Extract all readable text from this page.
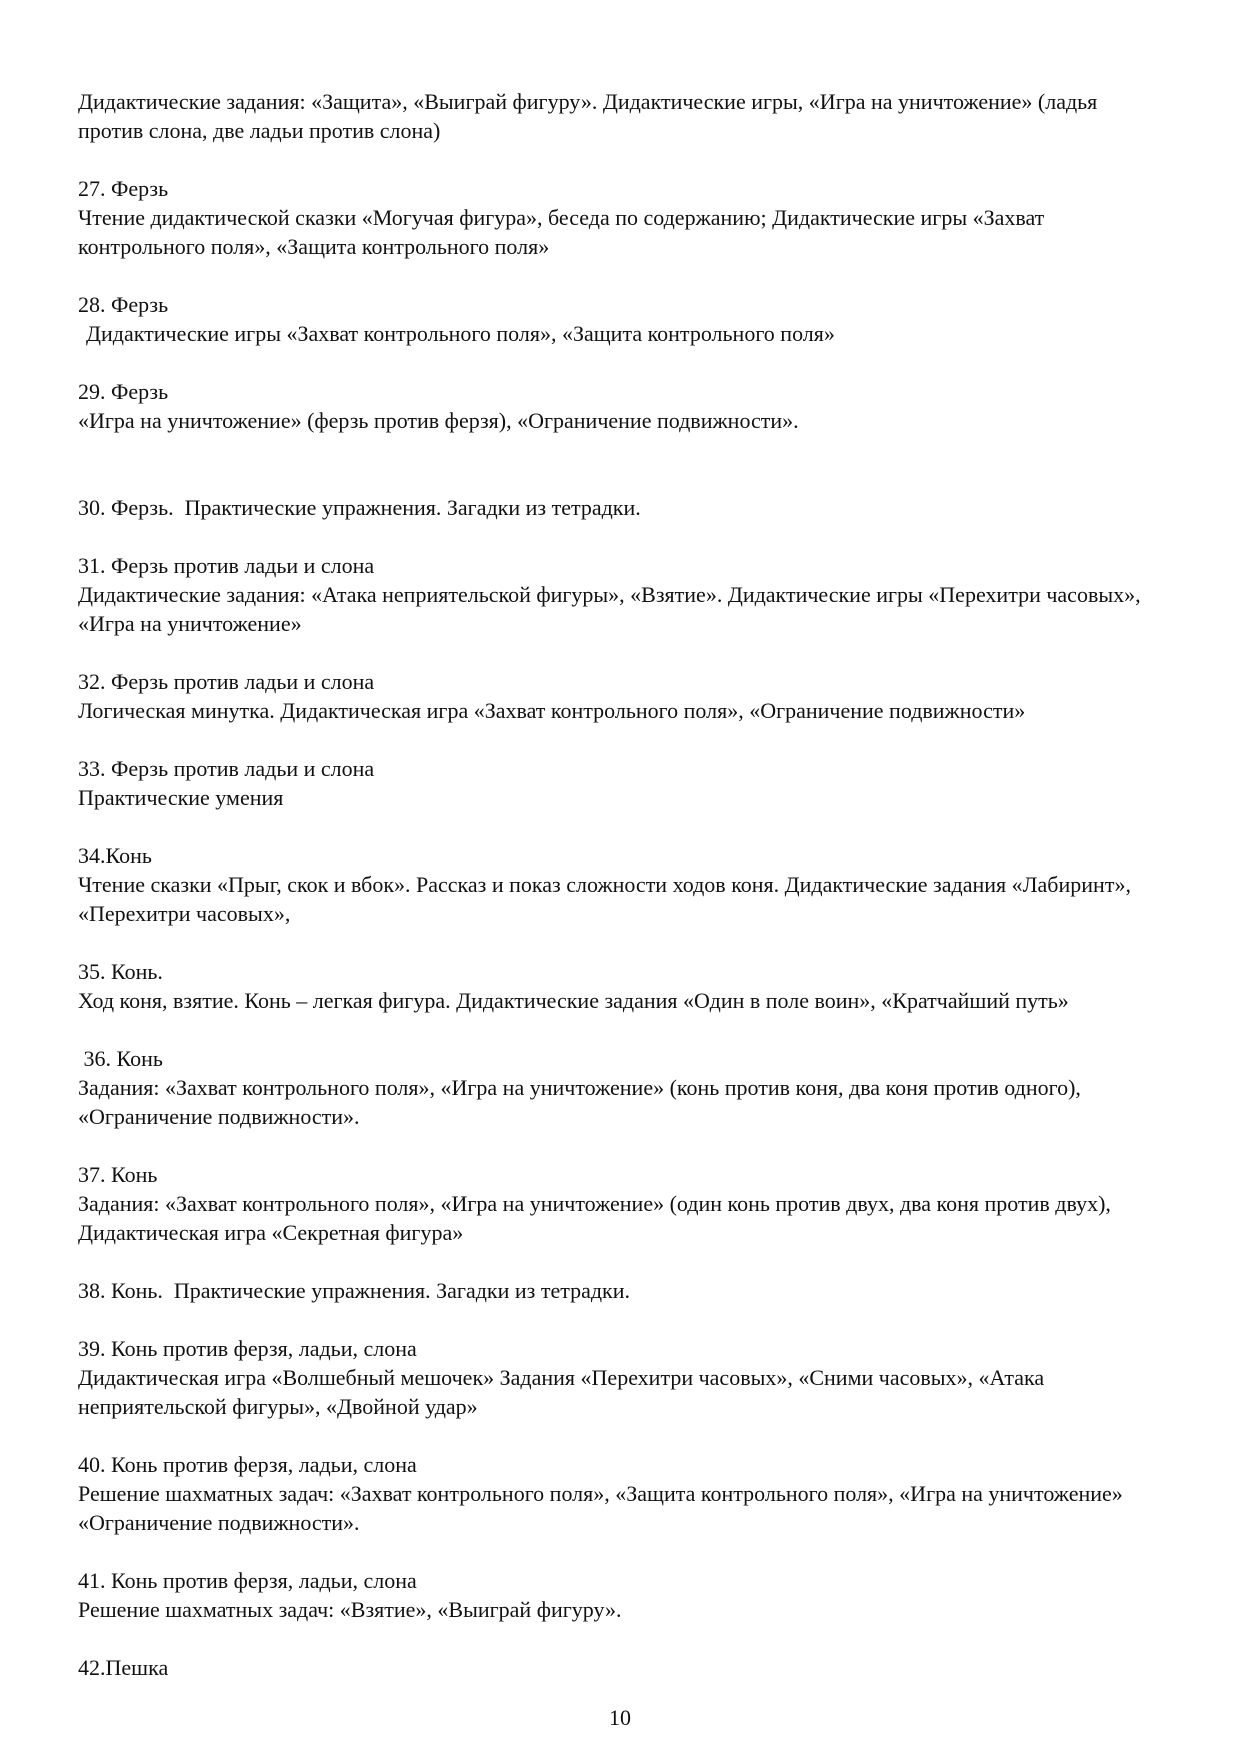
Дидактические задания: «Защита», «Выиграй фигуру». Дидактические игры, «Игра на уничтожение» (ладья против слона, две ладьи против слона)
27. Ферзь
Чтение дидактической сказки «Могучая фигура», беседа по содержанию; Дидактические игры «Захват контрольного поля», «Защита контрольного поля»
28. Ферзь
Дидактические игры «Захват контрольного поля», «Защита контрольного поля»
29. Ферзь
«Игра на уничтожение» (ферзь против ферзя), «Ограничение подвижности».
30. Ферзь.  Практические упражнения. Загадки из тетрадки.
31. Ферзь против ладьи и слона
Дидактические задания: «Атака неприятельской фигуры», «Взятие». Дидактические игры «Перехитри часовых», «Игра на уничтожение»
32. Ферзь против ладьи и слона
Логическая минутка. Дидактическая игра «Захват контрольного поля», «Ограничение подвижности»
33. Ферзь против ладьи и слона
Практические умения
34.Конь
Чтение сказки «Прыг, скок и вбок». Рассказ и показ сложности ходов коня. Дидактические задания «Лабиринт», «Перехитри часовых»,
35. Конь.
Ход коня, взятие. Конь – легкая фигура. Дидактические задания «Один в поле воин», «Кратчайший путь»
36. Конь
Задания: «Захват контрольного поля», «Игра на уничтожение» (конь против коня, два коня против одного), «Ограничение подвижности».
37. Конь
Задания: «Захват контрольного поля», «Игра на уничтожение» (один конь против двух, два коня против двух), Дидактическая игра «Секретная фигура»
38. Конь.  Практические упражнения. Загадки из тетрадки.
39. Конь против ферзя, ладьи, слона
Дидактическая игра «Волшебный мешочек» Задания «Перехитри часовых», «Сними часовых», «Атака неприятельской фигуры», «Двойной удар»
40. Конь против ферзя, ладьи, слона
Решение шахматных задач: «Захват контрольного поля», «Защита контрольного поля», «Игра на уничтожение» «Ограничение подвижности».
41. Конь против ферзя, ладьи, слона
Решение шахматных задач: «Взятие», «Выиграй фигуру».
42.Пешка
10
